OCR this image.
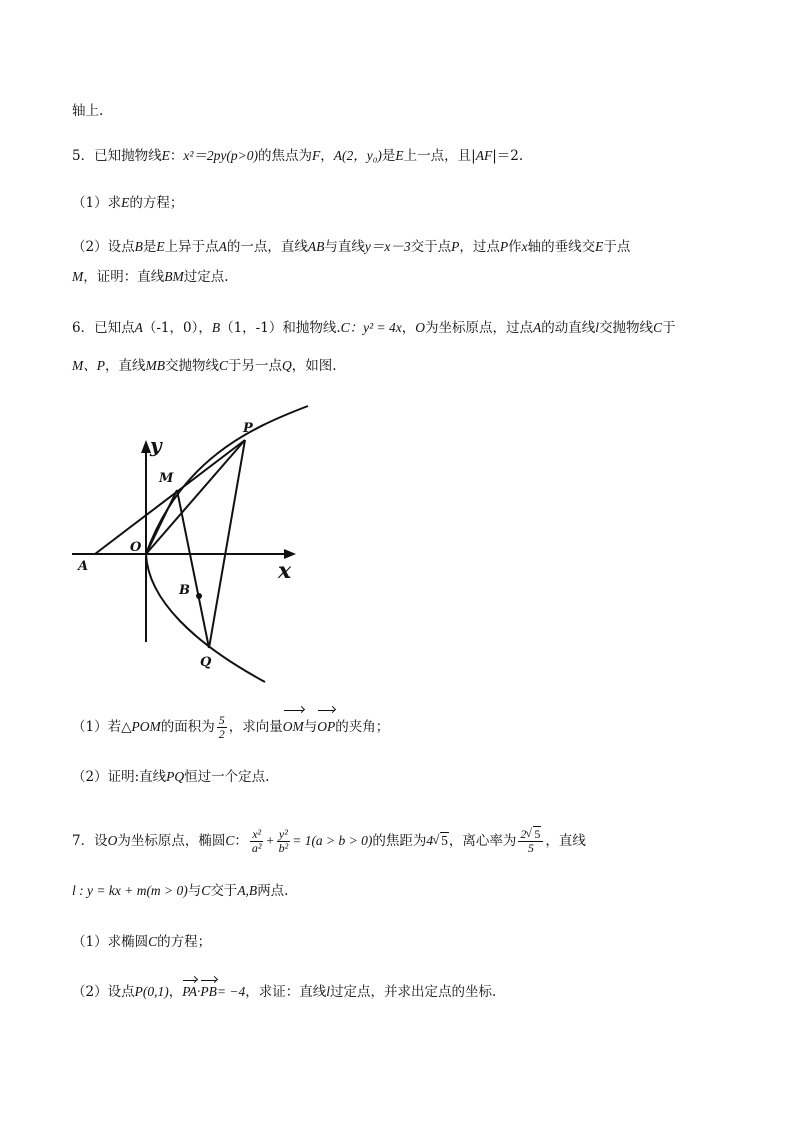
轴上.
5．已知抛物线E：x²＝2py(p>0)的焦点为F，A(2，y₀)是E上一点，且|AF|＝2.
（1）求E的方程；
（2）设点B是E上异于点A的一点，直线AB与直线y＝x－3交于点P，过点P作x轴的垂线交E于点
M，证明：直线BM过定点.
6．已知点A（-1，0），B（1，-1）和抛物线.C：y² = 4x，O为坐标原点，过点A的动直线l交抛物线C于
M、P，直线MB交抛物线C于另一点Q，如图.
y
x
O
A
M
P
B
Q
（1）若△POM的面积为 $\frac{5}{2}$ ，求向量OM与OP的夹角；
（2）证明:直线PQ恒过一个定点.
7．设O为坐标原点，椭圆C： $\frac{\text{x²}}{\text{a²}} + \frac{\text{y²}}{\text{b²}} = 1(a > b > 0)$的焦距为4 √ 5，离心率为 $\frac{2 √ 5}{5}$ ，直线
l : y = kx + m(m > 0)与C交于A,B两点.
（1）求椭圆C的方程；
（2）设点P(0,1)，PA·PB= −4，求证：直线l过定点，并求出定点的坐标.
